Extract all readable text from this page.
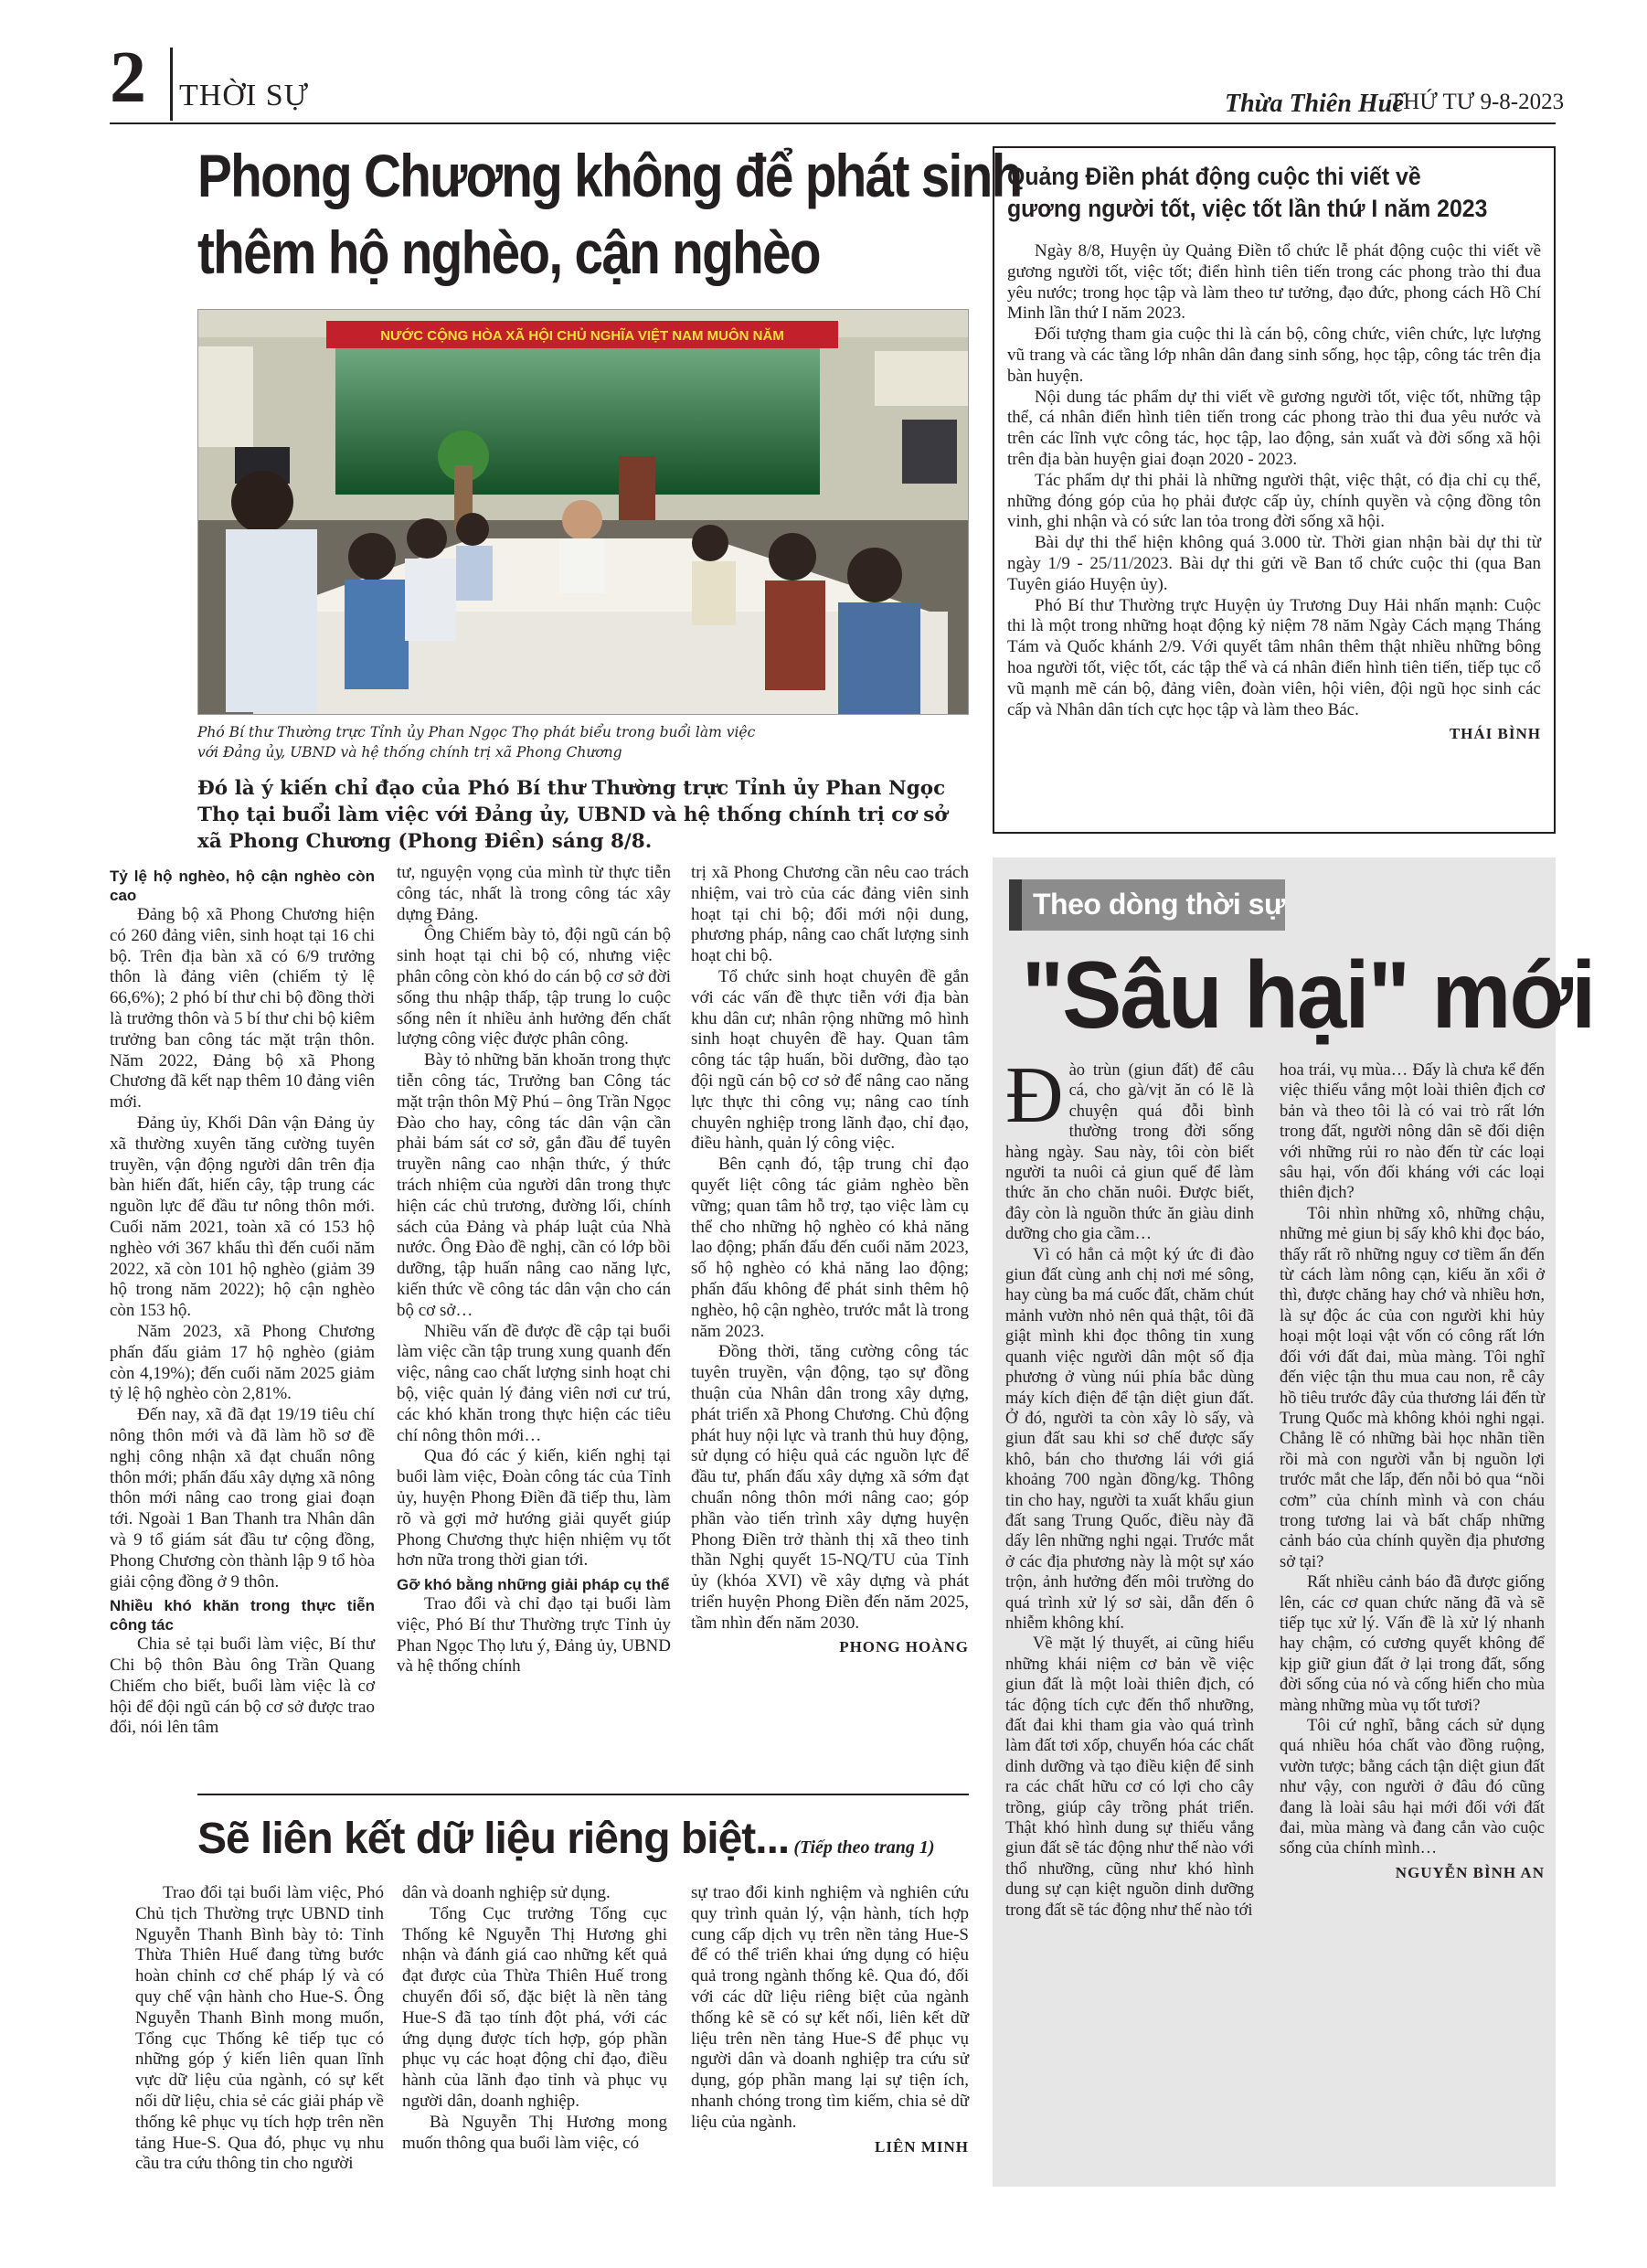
2 THỜI SỰ	Thừa Thiên Huế
THỨ TƯ 9-8-2023
Phong Chương không để phát sinh
thêm hộ nghèo, cận nghèo
NƯỚC CỘNG HÒA XÃ HỘI CHỦ NGHĨA VIỆT NAM MUÔN NĂM
Phó Bí thư Thường trực Tỉnh ủy Phan Ngọc Thọ phát biểu trong buổi làm việc
với Đảng ủy, UBND và hệ thống chính trị xã Phong Chương
Đó là ý kiến chỉ đạo của Phó Bí thư Thường trực Tỉnh ủy Phan Ngọc Thọ tại buổi làm việc với Đảng ủy, UBND và hệ thống chính trị cơ sở xã Phong Chương (Phong Điền) sáng 8/8.

Tỷ lệ hộ nghèo, hộ cận nghèo còn cao

Đảng bộ xã Phong Chương hiện có 260 đảng viên, sinh hoạt tại 16 chi bộ. Trên địa bàn xã có 6/9 trưởng thôn là đảng viên (chiếm tỷ lệ 66,6%); 2 phó bí thư chi bộ đồng thời là trưởng thôn và 5 bí thư chi bộ kiêm trưởng ban công tác mặt trận thôn. Năm 2022, Đảng bộ xã Phong Chương đã kết nạp thêm 10 đảng viên mới.

Đảng ủy, Khối Dân vận Đảng ủy xã thường xuyên tăng cường tuyên truyền, vận động người dân trên địa bàn hiến đất, hiến cây, tập trung các nguồn lực để đầu tư nông thôn mới. Cuối năm 2021, toàn xã có 153 hộ nghèo với 367 khẩu thì đến cuối năm 2022, xã còn 101 hộ nghèo (giảm 39 hộ trong năm 2022); hộ cận nghèo còn 153 hộ.

Năm 2023, xã Phong Chương phấn đấu giảm 17 hộ nghèo (giảm còn 4,19%); đến cuối năm 2025 giảm tỷ lệ hộ nghèo còn 2,81%.

Đến nay, xã đã đạt 19/19 tiêu chí nông thôn mới và đã làm hồ sơ đề nghị công nhận xã đạt chuẩn nông thôn mới; phấn đấu xây dựng xã nông thôn mới nâng cao trong giai đoạn tới. Ngoài 1 Ban Thanh tra Nhân dân và 9 tổ giám sát đầu tư cộng đồng, Phong Chương còn thành lập 9 tổ hòa giải cộng đồng ở 9 thôn.

Nhiều khó khăn trong thực tiễn công tác

Chia sẻ tại buổi làm việc, Bí thư Chi bộ thôn Bàu ông Trần Quang Chiếm cho biết, buổi làm việc là cơ hội để đội ngũ cán bộ cơ sở được trao đổi, nói lên tâm

tư, nguyện vọng của mình từ thực tiễn công tác, nhất là trong công tác xây dựng Đảng.

Ông Chiếm bày tỏ, đội ngũ cán bộ sinh hoạt tại chi bộ có, nhưng việc phân công còn khó do cán bộ cơ sở đời sống thu nhập thấp, tập trung lo cuộc sống nên ít nhiều ảnh hưởng đến chất lượng công việc được phân công.

Bày tỏ những băn khoăn trong thực tiễn công tác, Trưởng ban Công tác mặt trận thôn Mỹ Phú – ông Trần Ngọc Đào cho hay, công tác dân vận cần phải bám sát cơ sở, gắn đầu để tuyên truyền nâng cao nhận thức, ý thức trách nhiệm của người dân trong thực hiện các chủ trương, đường lối, chính sách của Đảng và pháp luật của Nhà nước. Ông Đào đề nghị, cần có lớp bồi dưỡng, tập huấn nâng cao năng lực, kiến thức về công tác dân vận cho cán bộ cơ sở…

Nhiều vấn đề được đề cập tại buổi làm việc cần tập trung xung quanh đến việc, nâng cao chất lượng sinh hoạt chi bộ, việc quản lý đảng viên nơi cư trú, các khó khăn trong thực hiện các tiêu chí nông thôn mới…

Qua đó các ý kiến, kiến nghị tại buổi làm việc, Đoàn công tác của Tỉnh ủy, huyện Phong Điền đã tiếp thu, làm rõ và gợi mở hướng giải quyết giúp Phong Chương thực hiện nhiệm vụ tốt hơn nữa trong thời gian tới.

Gỡ khó bằng những giải pháp cụ thể

Trao đổi và chỉ đạo tại buổi làm việc, Phó Bí thư Thường trực Tỉnh ủy Phan Ngọc Thọ lưu ý, Đảng ủy, UBND và hệ thống chính

trị xã Phong Chương cần nêu cao trách nhiệm, vai trò của các đảng viên sinh hoạt tại chi bộ; đổi mới nội dung, phương pháp, nâng cao chất lượng sinh hoạt chi bộ.

Tổ chức sinh hoạt chuyên đề gắn với các vấn đề thực tiễn với địa bàn khu dân cư; nhân rộng những mô hình sinh hoạt chuyên đề hay. Quan tâm công tác tập huấn, bồi dưỡng, đào tạo đội ngũ cán bộ cơ sở để nâng cao năng lực thực thi công vụ; nâng cao tính chuyên nghiệp trong lãnh đạo, chỉ đạo, điều hành, quản lý công việc.

Bên cạnh đó, tập trung chỉ đạo quyết liệt công tác giảm nghèo bền vững; quan tâm hỗ trợ, tạo việc làm cụ thể cho những hộ nghèo có khả năng lao động; phấn đấu đến cuối năm 2023, số hộ nghèo có khả năng lao động; phấn đấu không để phát sinh thêm hộ nghèo, hộ cận nghèo, trước mắt là trong năm 2023.

Đồng thời, tăng cường công tác tuyên truyền, vận động, tạo sự đồng thuận của Nhân dân trong xây dựng, phát triển xã Phong Chương. Chủ động phát huy nội lực và tranh thủ huy động, sử dụng có hiệu quả các nguồn lực để đầu tư, phấn đấu xây dựng xã sớm đạt chuẩn nông thôn mới nâng cao; góp phần vào tiến trình xây dựng huyện Phong Điền trở thành thị xã theo tinh thần Nghị quyết 15-NQ/TU của Tỉnh ủy (khóa XVI) về xây dựng và phát triển huyện Phong Điền đến năm 2025, tầm nhìn đến năm 2030.

PHONG HOÀNG

Quảng Điền phát động cuộc thi viết về
gương người tốt, việc tốt lần thứ I năm 2023

Ngày 8/8, Huyện ủy Quảng Điền tổ chức lễ phát động cuộc thi viết về gương người tốt, việc tốt; điển hình tiên tiến trong các phong trào thi đua yêu nước; trong học tập và làm theo tư tưởng, đạo đức, phong cách Hồ Chí Minh lần thứ I năm 2023.

Đối tượng tham gia cuộc thi là cán bộ, công chức, viên chức, lực lượng vũ trang và các tầng lớp nhân dân đang sinh sống, học tập, công tác trên địa bàn huyện.

Nội dung tác phẩm dự thi viết về gương người tốt, việc tốt, những tập thể, cá nhân điển hình tiên tiến trong các phong trào thi đua yêu nước và trên các lĩnh vực công tác, học tập, lao động, sản xuất và đời sống xã hội trên địa bàn huyện giai đoạn 2020 - 2023.

Tác phẩm dự thi phải là những người thật, việc thật, có địa chỉ cụ thể, những đóng góp của họ phải được cấp ủy, chính quyền và cộng đồng tôn vinh, ghi nhận và có sức lan tỏa trong đời sống xã hội.

Bài dự thi thể hiện không quá 3.000 từ. Thời gian nhận bài dự thi từ ngày 1/9 - 25/11/2023. Bài dự thi gửi về Ban tổ chức cuộc thi (qua Ban Tuyên giáo Huyện ủy).

Phó Bí thư Thường trực Huyện ủy Trương Duy Hải nhấn mạnh: Cuộc thi là một trong những hoạt động kỷ niệm 78 năm Ngày Cách mạng Tháng Tám và Quốc khánh 2/9. Với quyết tâm nhân thêm thật nhiều những bông hoa người tốt, việc tốt, các tập thể và cá nhân điển hình tiên tiến, tiếp tục cổ vũ mạnh mẽ cán bộ, đảng viên, đoàn viên, hội viên, đội ngũ học sinh các cấp và Nhân dân tích cực học tập và làm theo Bác.

THÁI BÌNH

Theo dòng thời sự
"Sâu hại" mới

Đào trùn (giun đất) để câu cá, cho gà/vịt ăn có lẽ là chuyện quá đỗi bình thường trong đời sống hàng ngày. Sau này, tôi còn biết người ta nuôi cả giun quế để làm thức ăn cho chăn nuôi. Được biết, đây còn là nguồn thức ăn giàu dinh dưỡng cho gia cầm…

Vì có hẳn cả một ký ức đi đào giun đất cùng anh chị nơi mé sông, hay cùng ba má cuốc đất, chăm chút mảnh vườn nhỏ nên quả thật, tôi đã giật mình khi đọc thông tin xung quanh việc người dân một số địa phương ở vùng núi phía bắc dùng máy kích điện để tận diệt giun đất. Ở đó, người ta còn xây lò sấy, và giun đất sau khi sơ chế được sấy khô, bán cho thương lái với giá khoảng 700 ngàn đồng/kg. Thông tin cho hay, người ta xuất khẩu giun đất sang Trung Quốc, điều này đã dấy lên những nghi ngại. Trước mắt ở các địa phương này là một sự xáo trộn, ảnh hưởng đến môi trường do quá trình xử lý sơ sài, dẫn đến ô nhiễm không khí.

Về mặt lý thuyết, ai cũng hiểu những khái niệm cơ bản về việc giun đất là một loài thiên địch, có tác động tích cực đến thổ nhưỡng, đất đai khi tham gia vào quá trình làm đất tơi xốp, chuyển hóa các chất dinh dưỡng và tạo điều kiện để sinh ra các chất hữu cơ có lợi cho cây trồng, giúp cây trồng phát triển. Thật khó hình dung sự thiếu vắng giun đất sẽ tác động như thế nào với thổ nhưỡng, cũng như khó hình dung sự cạn kiệt nguồn dinh dưỡng trong đất sẽ tác động như thế nào tới

hoa trái, vụ mùa… Đấy là chưa kể đến việc thiếu vắng một loài thiên địch cơ bản và theo tôi là có vai trò rất lớn trong đất, người nông dân sẽ đối diện với những rủi ro nào đến từ các loại sâu hại, vốn đối kháng với các loại thiên địch?

Tôi nhìn những xô, những chậu, những mẻ giun bị sấy khô khi đọc báo, thấy rất rõ những nguy cơ tiềm ẩn đến từ cách làm nông cạn, kiếu ăn xổi ở thì, được chăng hay chớ và nhiều hơn, là sự độc ác của con người khi hủy hoại một loại vật vốn có công rất lớn đối với đất đai, mùa màng. Tôi nghĩ đến việc tận thu mua cau non, rễ cây hồ tiêu trước đây của thương lái đến từ Trung Quốc mà không khỏi nghi ngại. Chẳng lẽ có những bài học nhãn tiền rồi mà con người vẫn bị nguồn lợi trước mắt che lấp, đến nỗi bỏ qua “nồi cơm” của chính mình và con cháu trong tương lai và bất chấp những cảnh báo của chính quyền địa phương sở tại?

Rất nhiều cảnh báo đã được giống lên, các cơ quan chức năng đã và sẽ tiếp tục xử lý. Vấn đề là xử lý nhanh hay chậm, có cương quyết không để kịp giữ giun đất ở lại trong đất, sống đời sống của nó và cống hiến cho mùa màng những mùa vụ tốt tươi?

Tôi cứ nghĩ, bằng cách sử dụng quá nhiều hóa chất vào đồng ruộng, vườn tược; bằng cách tận diệt giun đất như vậy, con người ở đâu đó cũng đang là loài sâu hại mới đối với đất đai, mùa màng và đang cắn vào cuộc sống của chính mình…

NGUYỄN BÌNH AN

Sẽ liên kết dữ liệu riêng biệt... (Tiếp theo trang 1)

Trao đổi tại buổi làm việc, Phó Chủ tịch Thường trực UBND tỉnh Nguyễn Thanh Bình bày tỏ: Tỉnh Thừa Thiên Huế đang từng bước hoàn chỉnh cơ chế pháp lý và có quy chế vận hành cho Hue-S. Ông Nguyễn Thanh Bình mong muốn, Tổng cục Thống kê tiếp tục có những góp ý kiến liên quan lĩnh vực dữ liệu của ngành, có sự kết nối dữ liệu, chia sẻ các giải pháp về thống kê phục vụ tích hợp trên nền tảng Hue-S. Qua đó, phục vụ nhu cầu tra cứu thông tin cho người

dân và doanh nghiệp sử dụng.

Tổng Cục trưởng Tổng cục Thống kê Nguyễn Thị Hương ghi nhận và đánh giá cao những kết quả đạt được của Thừa Thiên Huế trong chuyển đổi số, đặc biệt là nền tảng Hue-S đã tạo tính đột phá, với các ứng dụng được tích hợp, góp phần phục vụ các hoạt động chỉ đạo, điều hành của lãnh đạo tỉnh và phục vụ người dân, doanh nghiệp.

Bà Nguyễn Thị Hương mong muốn thông qua buổi làm việc, có

sự trao đổi kinh nghiệm và nghiên cứu quy trình quản lý, vận hành, tích hợp cung cấp dịch vụ trên nền tảng Hue-S để có thể triển khai ứng dụng có hiệu quả trong ngành thống kê. Qua đó, đối với các dữ liệu riêng biệt của ngành thống kê sẽ có sự kết nối, liên kết dữ liệu trên nền tảng Hue-S để phục vụ người dân và doanh nghiệp tra cứu sử dụng, góp phần mang lại sự tiện ích, nhanh chóng trong tìm kiếm, chia sẻ dữ liệu của ngành.

LIÊN MINH
